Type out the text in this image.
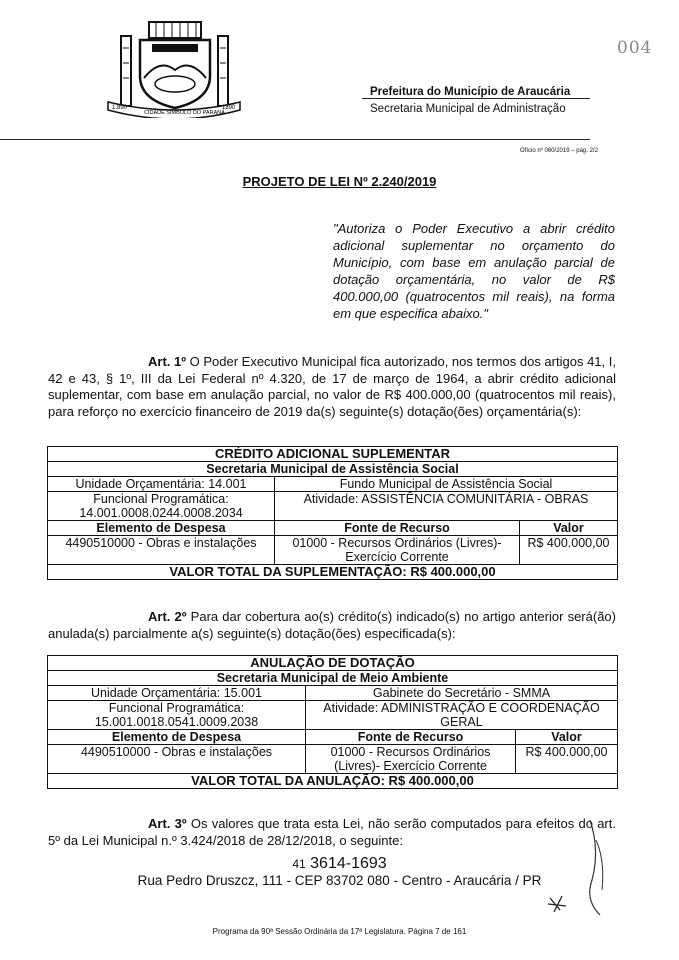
1.890
CIDADE SÍMBOLO DO PARANÁ
1890
004
Prefeitura do Município de Araucária
Secretaria Municipal de Administração
Ofício nº 060/2019 – pág. 2/2
PROJETO DE LEI Nº 2.240/2019
"Autoriza o Poder Executivo a abrir crédito adicional suplementar no orçamento do Município, com base em anulação parcial de dotação orçamentária, no valor de R$ 400.000,00 (quatrocentos mil reais), na forma em que especifica abaixo."
Art. 1º O Poder Executivo Municipal fica autorizado, nos termos dos artigos 41, I, 42 e 43, § 1º, III da Lei Federal nº 4.320, de 17 de março de 1964, a abrir crédito adicional suplementar, com base em anulação parcial, no valor de R$ 400.000,00 (quatrocentos mil reais), para reforço no exercício financeiro de 2019 da(s) seguinte(s) dotação(ões) orçamentária(s):
CRÉDITO ADICIONAL SUPLEMENTAR		
Secretaria Municipal de Assistência Social		
Unidade Orçamentária: 14.001	Fundo Municipal de Assistência Social	
Funcional Programática: 14.001.0008.0244.0008.2034	Atividade: ASSISTÊNCIA COMUNITÁRIA - OBRAS	
Elemento de Despesa	Fonte de Recurso	Valor
4490510000 - Obras e instalações	01000 - Recursos Ordinários (Livres)- Exercício Corrente	R$ 400.000,00
VALOR TOTAL DA SUPLEMENTAÇÃO: R$ 400.000,00		
Art. 2º Para dar cobertura ao(s) crédito(s) indicado(s) no artigo anterior será(ão) anulada(s) parcialmente a(s) seguinte(s) dotação(ões) especificada(s):
ANULAÇÃO DE DOTAÇÃO		
Secretaria Municipal de Meio Ambiente		
Unidade Orçamentária: 15.001	Gabinete do Secretário - SMMA	
Funcional Programática: 15.001.0018.0541.0009.2038	Atividade: ADMINISTRAÇÃO E COORDENAÇÃO GERAL	
Elemento de Despesa	Fonte de Recurso	Valor
4490510000 - Obras e instalações	01000 - Recursos Ordinários (Livres)- Exercício Corrente	R$ 400.000,00
VALOR TOTAL DA ANULAÇÃO: R$ 400.000,00		
Art. 3º Os valores que trata esta Lei, não serão computados para efeitos do art. 5º da Lei Municipal n.º 3.424/2018 de 28/12/2018, o seguinte:
41 3614-1693
Rua Pedro Druszcz, 111 - CEP 83702 080 - Centro - Araucária / PR
Programa da 90ª Sessão Ordinária da 17ª Legislatura. Página 7 de 161
